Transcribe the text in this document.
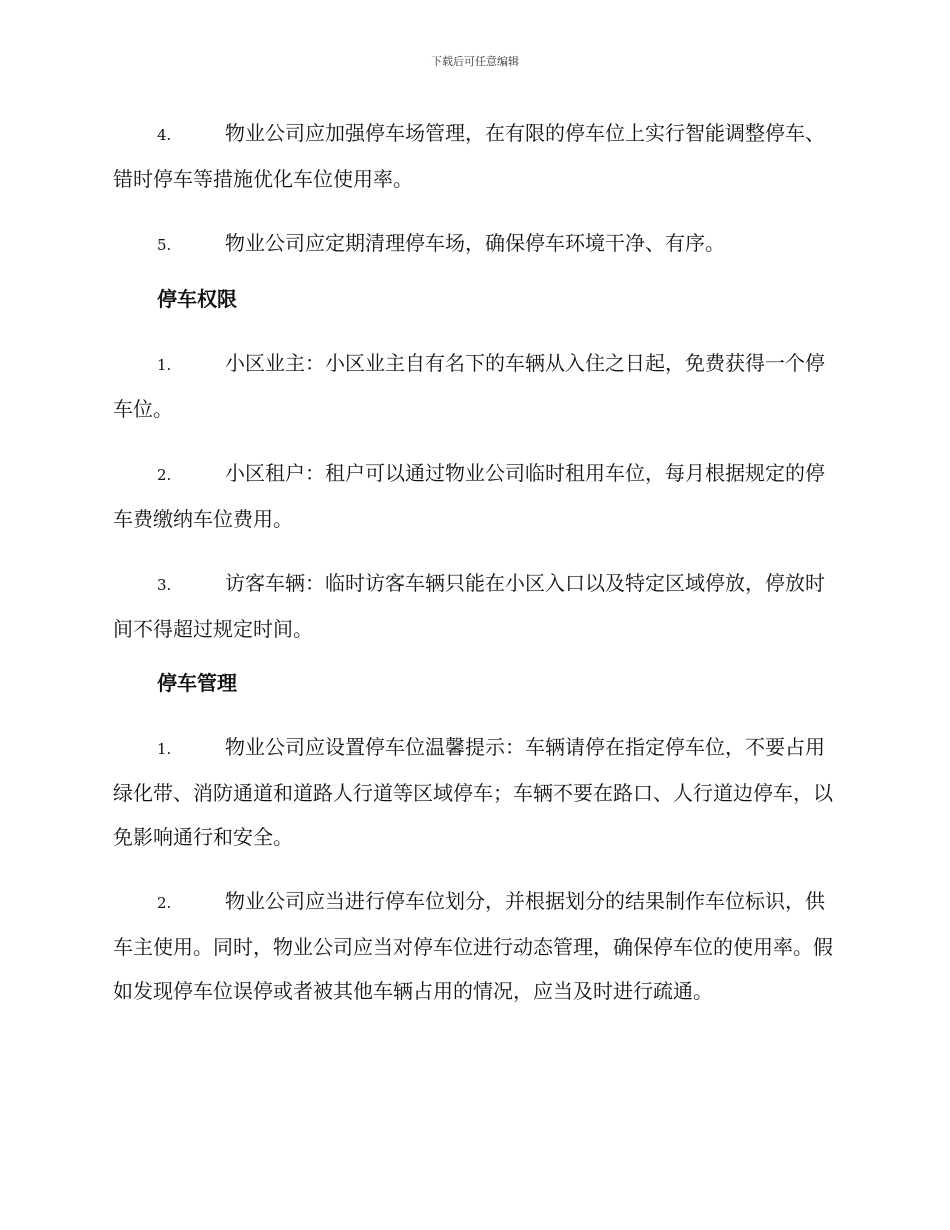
下载后可任意编辑

4.	物业公司应加强停车场管理，在有限的停车位上实行智能调整停车、错时停车等措施优化车位使用率。

5.	物业公司应定期清理停车场，确保停车环境干净、有序。

停车权限

1.	小区业主：小区业主自有名下的车辆从入住之日起，免费获得一个停车位。

2.	小区租户：租户可以通过物业公司临时租用车位，每月根据规定的停车费缴纳车位费用。

3.	访客车辆：临时访客车辆只能在小区入口以及特定区域停放，停放时间不得超过规定时间。

停车管理

1.	物业公司应设置停车位温馨提示：车辆请停在指定停车位，不要占用绿化带、消防通道和道路人行道等区域停车；车辆不要在路口、人行道边停车，以免影响通行和安全。

2.	物业公司应当进行停车位划分，并根据划分的结果制作车位标识，供车主使用。同时，物业公司应当对停车位进行动态管理，确保停车位的使用率。假如发现停车位误停或者被其他车辆占用的情况，应当及时进行疏通。
